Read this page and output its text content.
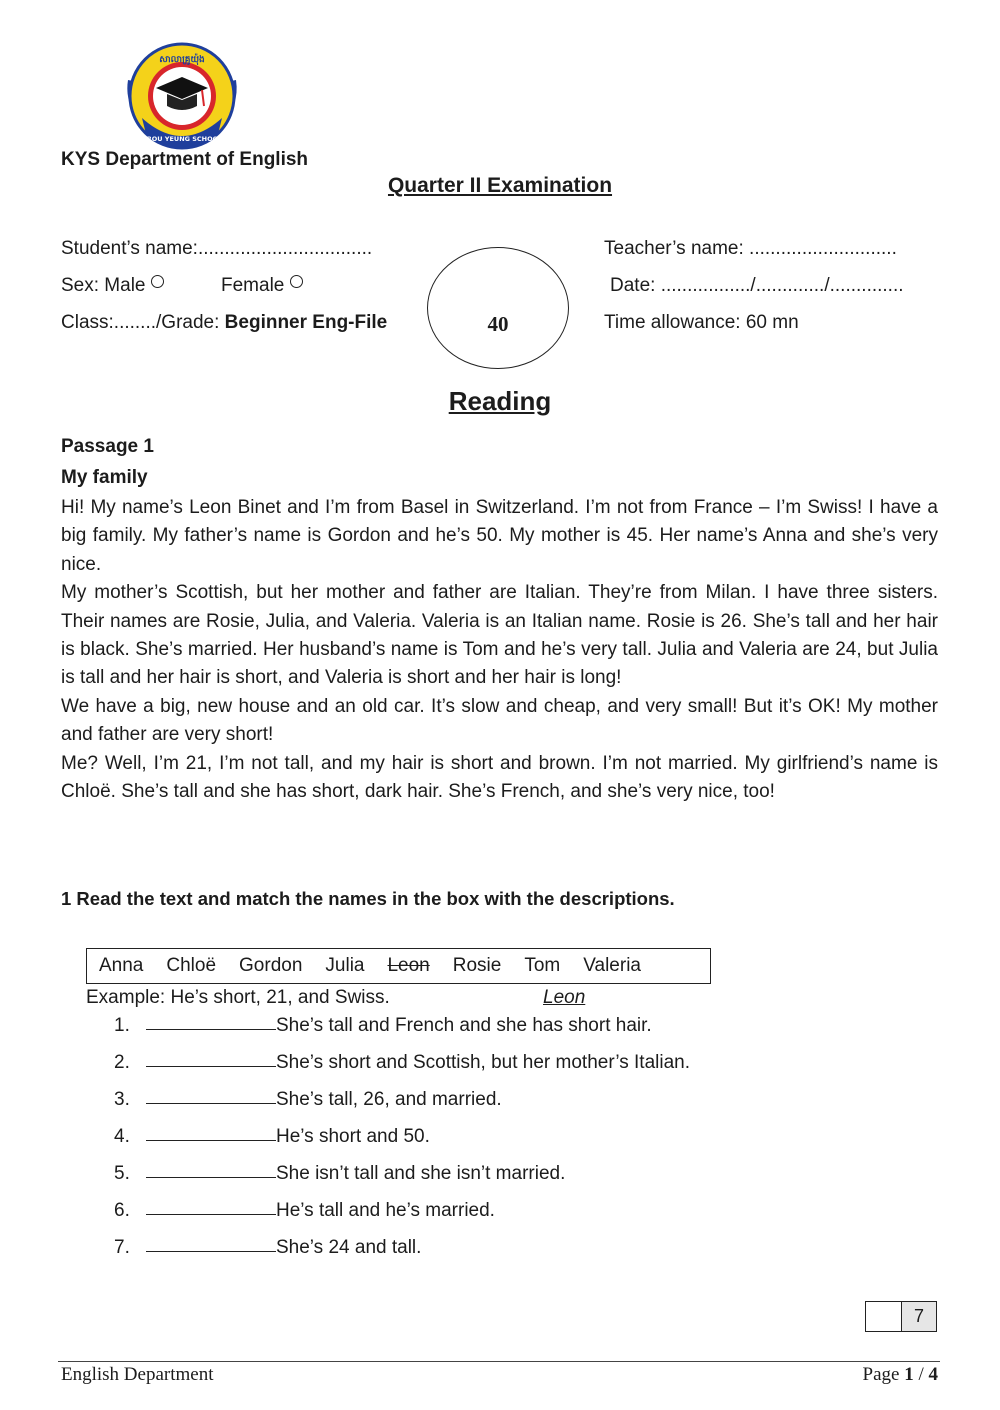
សាលាគ្រូយ៉ុង
KROU YEUNG SCHOOL
KYS Department of English
Quarter II Examination
Student’s name:.................................	Teacher’s name: ............................
Sex: Male	Female	Date: ................./............./..............
Class:......../Grade: Beginner Eng-File	Time allowance: 60 mn
40
Reading
Passage 1
My family

Hi! My name’s Leon Binet and I’m from Basel in Switzerland. I’m not from France – I’m Swiss! I have a big family. My father’s name is Gordon and he’s 50. My mother is 45. Her name’s Anna and she’s very nice.

My mother’s Scottish, but her mother and father are Italian. They’re from Milan. I have three sisters. Their names are Rosie, Julia, and Valeria. Valeria is an Italian name. Rosie is 26. She’s tall and her hair is black. She’s married. Her husband’s name is Tom and he’s very tall. Julia and Valeria are 24, but Julia is tall and her hair is short, and Valeria is short and her hair is long!

We have a big, new house and an old car. It’s slow and cheap, and very small! But it’s OK! My mother and father are very short!

Me? Well, I’m 21, I’m not tall, and my hair is short and brown. I’m not married. My girlfriend’s name is Chloë. She’s tall and she has short, dark hair. She’s French, and she’s very nice, too!

1 Read the text and match the names in the box with the descriptions.
Anna Chloë Gordon Julia Leon Rosie Tom Valeria
Example: He’s short, 21, and Swiss.	Leon
1.	She’s tall and French and she has short hair.
2.	She’s short and Scottish, but her mother’s Italian.
3.	She’s tall, 26, and married.
4.	He’s short and 50.
5.	She isn’t tall and she isn’t married.
6.	He’s tall and he’s married.
7.	She’s 24 and tall.
7
English Department	Page 1 / 4
